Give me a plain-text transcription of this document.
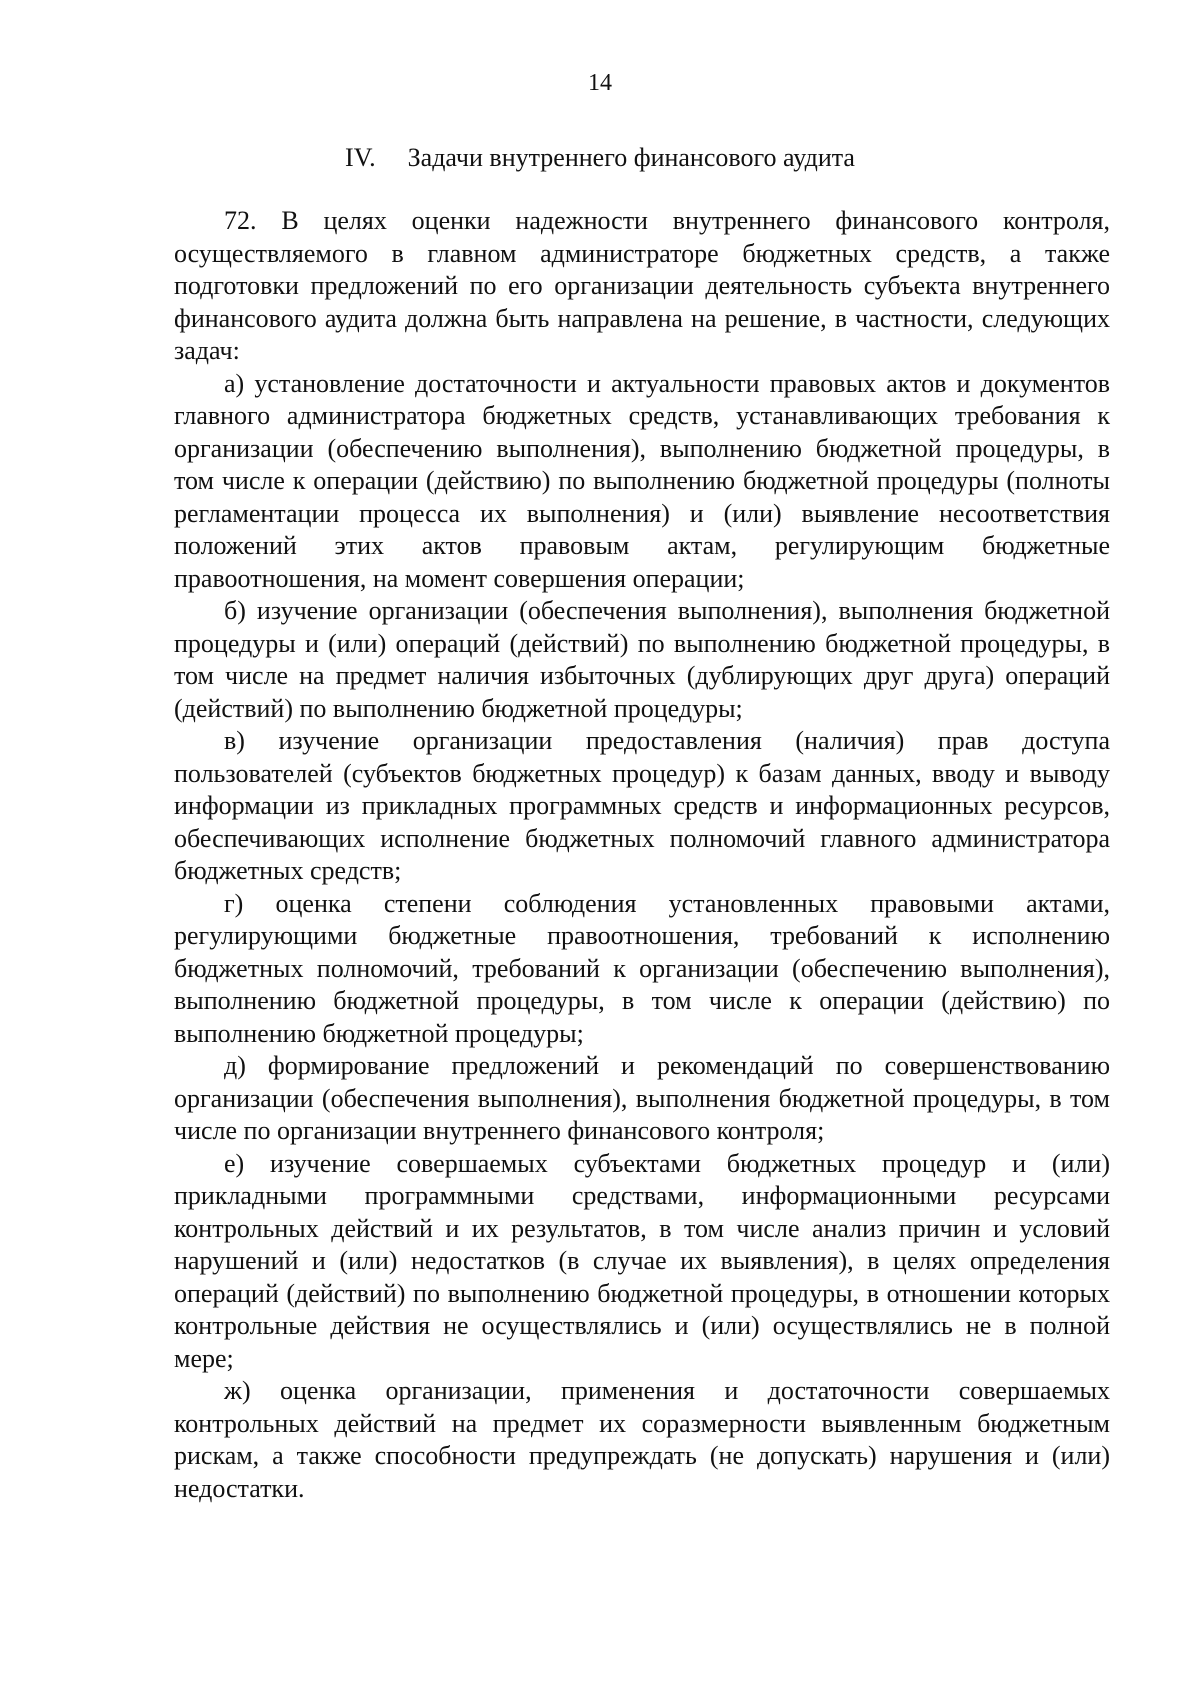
14
IV. Задачи внутреннего финансового аудита

72. В целях оценки надежности внутреннего финансового контроля, осуществляемого в главном администраторе бюджетных средств, а также подготовки предложений по его организации деятельность субъекта внутреннего финансового аудита должна быть направлена на решение, в частности, следующих задач:

а) установление достаточности и актуальности правовых актов и документов главного администратора бюджетных средств, устанавливающих требования к организации (обеспечению выполнения), выполнению бюджетной процедуры, в том числе к операции (действию) по выполнению бюджетной процедуры (полноты регламентации процесса их выполнения) и (или) выявление несоответствия положений этих актов правовым актам, регулирующим бюджетные правоотношения, на момент совершения операции;

б) изучение организации (обеспечения выполнения), выполнения бюджетной процедуры и (или) операций (действий) по выполнению бюджетной процедуры, в том числе на предмет наличия избыточных (дублирующих друг друга) операций (действий) по выполнению бюджетной процедуры;

в) изучение организации предоставления (наличия) прав доступа пользователей (субъектов бюджетных процедур) к базам данных, вводу и выводу информации из прикладных программных средств и информационных ресурсов, обеспечивающих исполнение бюджетных полномочий главного администратора бюджетных средств;

г) оценка степени соблюдения установленных правовыми актами, регулирующими бюджетные правоотношения, требований к исполнению бюджетных полномочий, требований к организации (обеспечению выполнения), выполнению бюджетной процедуры, в том числе к операции (действию) по выполнению бюджетной процедуры;

д) формирование предложений и рекомендаций по совершенствованию организации (обеспечения выполнения), выполнения бюджетной процедуры, в том числе по организации внутреннего финансового контроля;

е) изучение совершаемых субъектами бюджетных процедур и (или) прикладными программными средствами, информационными ресурсами контрольных действий и их результатов, в том числе анализ причин и условий нарушений и (или) недостатков (в случае их выявления), в целях определения операций (действий) по выполнению бюджетной процедуры, в отношении которых контрольные действия не осуществлялись и (или) осуществлялись не в полной мере;

ж) оценка организации, применения и достаточности совершаемых контрольных действий на предмет их соразмерности выявленным бюджетным рискам, а также способности предупреждать (не допускать) нарушения и (или) недостатки.
